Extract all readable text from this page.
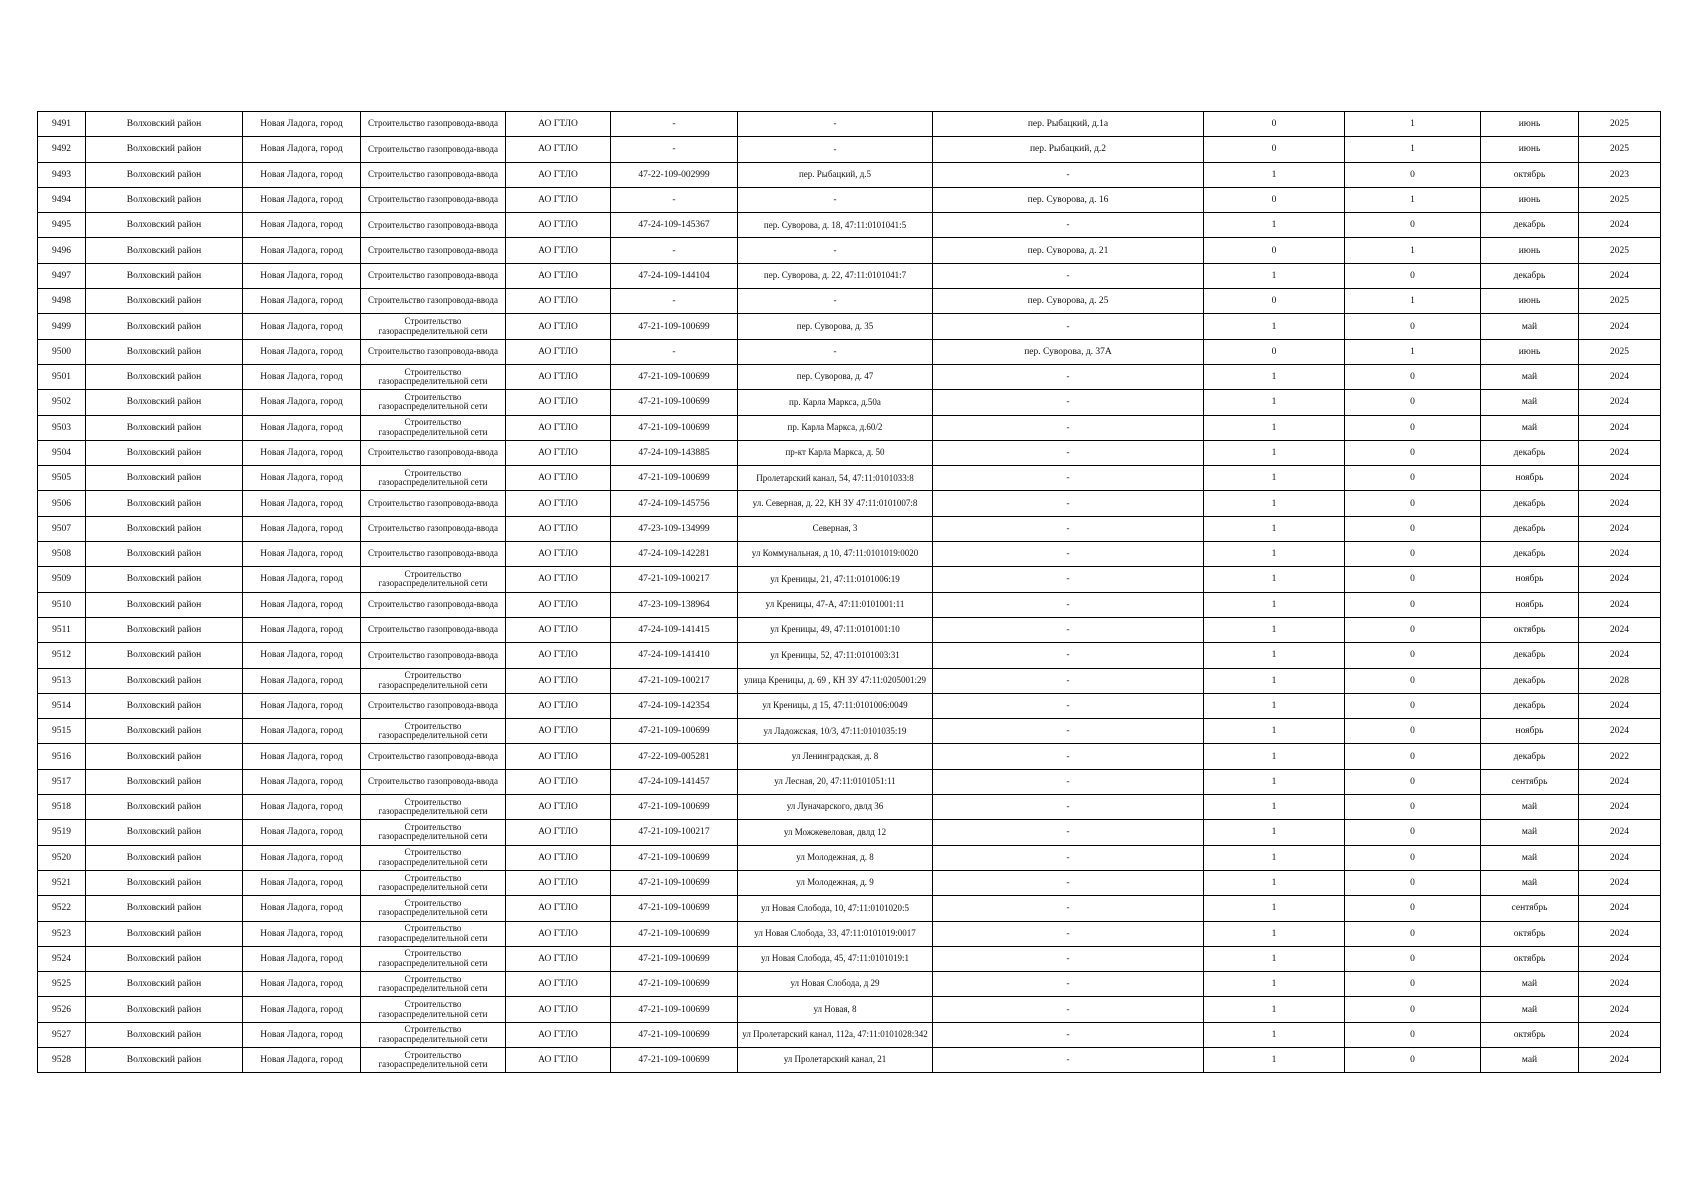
9491	Волховский район	Новая Ладога, город	Строительство газопровода-ввода	АО ГТЛО	-	-	пер. Рыбацкий, д.1а	0	1	июнь	2025
9492	Волховский район	Новая Ладога, город	Строительство газопровода-ввода	АО ГТЛО	-	-	пер. Рыбацкий, д.2	0	1	июнь	2025
9493	Волховский район	Новая Ладога, город	Строительство газопровода-ввода	АО ГТЛО	47-22-109-002999	пер. Рыбацкий, д.5	-	1	0	октябрь	2023
9494	Волховский район	Новая Ладога, город	Строительство газопровода-ввода	АО ГТЛО	-	-	пер. Суворова, д. 16	0	1	июнь	2025
9495	Волховский район	Новая Ладога, город	Строительство газопровода-ввода	АО ГТЛО	47-24-109-145367	пер. Суворова, д. 18, 47:11:0101041:5	-	1	0	декабрь	2024
9496	Волховский район	Новая Ладога, город	Строительство газопровода-ввода	АО ГТЛО	-	-	пер. Суворова, д. 21	0	1	июнь	2025
9497	Волховский район	Новая Ладога, город	Строительство газопровода-ввода	АО ГТЛО	47-24-109-144104	пер. Суворова, д. 22, 47:11:0101041:7	-	1	0	декабрь	2024
9498	Волховский район	Новая Ладога, город	Строительство газопровода-ввода	АО ГТЛО	-	-	пер. Суворова, д. 25	0	1	июнь	2025
9499	Волховский район	Новая Ладога, город	Строительство газораспределительной сети	АО ГТЛО	47-21-109-100699	пер. Суворова, д. 35	-	1	0	май	2024
9500	Волховский район	Новая Ладога, город	Строительство газопровода-ввода	АО ГТЛО	-	-	пер. Суворова, д. 37А	0	1	июнь	2025
9501	Волховский район	Новая Ладога, город	Строительство газораспределительной сети	АО ГТЛО	47-21-109-100699	пер. Суворова, д. 47	-	1	0	май	2024
9502	Волховский район	Новая Ладога, город	Строительство газораспределительной сети	АО ГТЛО	47-21-109-100699	пр. Карла Маркса, д.50а	-	1	0	май	2024
9503	Волховский район	Новая Ладога, город	Строительство газораспределительной сети	АО ГТЛО	47-21-109-100699	пр. Карла Маркса, д.60/2	-	1	0	май	2024
9504	Волховский район	Новая Ладога, город	Строительство газопровода-ввода	АО ГТЛО	47-24-109-143885	пр-кт Карла Маркса, д. 50	-	1	0	декабрь	2024
9505	Волховский район	Новая Ладога, город	Строительство газораспределительной сети	АО ГТЛО	47-21-109-100699	Пролетарский канал, 54, 47:11:0101033:8	-	1	0	ноябрь	2024
9506	Волховский район	Новая Ладога, город	Строительство газопровода-ввода	АО ГТЛО	47-24-109-145756	ул. Северная, д. 22, КН ЗУ 47:11:0101007:8	-	1	0	декабрь	2024
9507	Волховский район	Новая Ладога, город	Строительство газопровода-ввода	АО ГТЛО	47-23-109-134999	Северная, 3	-	1	0	декабрь	2024
9508	Волховский район	Новая Ладога, город	Строительство газопровода-ввода	АО ГТЛО	47-24-109-142281	ул Коммунальная, д 10, 47:11:0101019:0020	-	1	0	декабрь	2024
9509	Волховский район	Новая Ладога, город	Строительство газораспределительной сети	АО ГТЛО	47-21-109-100217	ул Креницы, 21, 47:11:0101006:19	-	1	0	ноябрь	2024
9510	Волховский район	Новая Ладога, город	Строительство газопровода-ввода	АО ГТЛО	47-23-109-138964	ул Креницы, 47-А, 47:11:0101001:11	-	1	0	ноябрь	2024
9511	Волховский район	Новая Ладога, город	Строительство газопровода-ввода	АО ГТЛО	47-24-109-141415	ул Креницы, 49, 47:11:0101001:10	-	1	0	октябрь	2024
9512	Волховский район	Новая Ладога, город	Строительство газопровода-ввода	АО ГТЛО	47-24-109-141410	ул Креницы, 52, 47:11:0101003:31	-	1	0	декабрь	2024
9513	Волховский район	Новая Ладога, город	Строительство газораспределительной сети	АО ГТЛО	47-21-109-100217	улица Креницы, д. 69 , КН ЗУ 47:11:0205001:29	-	1	0	декабрь	2028
9514	Волховский район	Новая Ладога, город	Строительство газопровода-ввода	АО ГТЛО	47-24-109-142354	ул Креницы, д 15, 47:11:0101006:0049	-	1	0	декабрь	2024
9515	Волховский район	Новая Ладога, город	Строительство газораспределительной сети	АО ГТЛО	47-21-109-100699	ул Ладожская, 10/3, 47:11:0101035:19	-	1	0	ноябрь	2024
9516	Волховский район	Новая Ладога, город	Строительство газопровода-ввода	АО ГТЛО	47-22-109-005281	ул Ленинградская, д. 8	-	1	0	декабрь	2022
9517	Волховский район	Новая Ладога, город	Строительство газопровода-ввода	АО ГТЛО	47-24-109-141457	ул Лесная, 20, 47:11:0101051:11	-	1	0	сентябрь	2024
9518	Волховский район	Новая Ладога, город	Строительство газораспределительной сети	АО ГТЛО	47-21-109-100699	ул Луначарского, двлд 36	-	1	0	май	2024
9519	Волховский район	Новая Ладога, город	Строительство газораспределительной сети	АО ГТЛО	47-21-109-100217	ул Можжевеловая, двлд 12	-	1	0	май	2024
9520	Волховский район	Новая Ладога, город	Строительство газораспределительной сети	АО ГТЛО	47-21-109-100699	ул Молодежная, д. 8	-	1	0	май	2024
9521	Волховский район	Новая Ладога, город	Строительство газораспределительной сети	АО ГТЛО	47-21-109-100699	ул Молодежная, д. 9	-	1	0	май	2024
9522	Волховский район	Новая Ладога, город	Строительство газораспределительной сети	АО ГТЛО	47-21-109-100699	ул Новая Слобода, 10, 47:11:0101020:5	-	1	0	сентябрь	2024
9523	Волховский район	Новая Ладога, город	Строительство газораспределительной сети	АО ГТЛО	47-21-109-100699	ул Новая Слобода, 33, 47:11:0101019:0017	-	1	0	октябрь	2024
9524	Волховский район	Новая Ладога, город	Строительство газораспределительной сети	АО ГТЛО	47-21-109-100699	ул Новая Слобода, 45, 47:11:0101019:1	-	1	0	октябрь	2024
9525	Волховский район	Новая Ладога, город	Строительство газораспределительной сети	АО ГТЛО	47-21-109-100699	ул Новая Слобода, д 29	-	1	0	май	2024
9526	Волховский район	Новая Ладога, город	Строительство газораспределительной сети	АО ГТЛО	47-21-109-100699	ул Новая, 8	-	1	0	май	2024
9527	Волховский район	Новая Ладога, город	Строительство газораспределительной сети	АО ГТЛО	47-21-109-100699	ул Пролетарский канал, 112а, 47:11:0101028:342	-	1	0	октябрь	2024
9528	Волховский район	Новая Ладога, город	Строительство газораспределительной сети	АО ГТЛО	47-21-109-100699	ул Пролетарский канал, 21	-	1	0	май	2024
